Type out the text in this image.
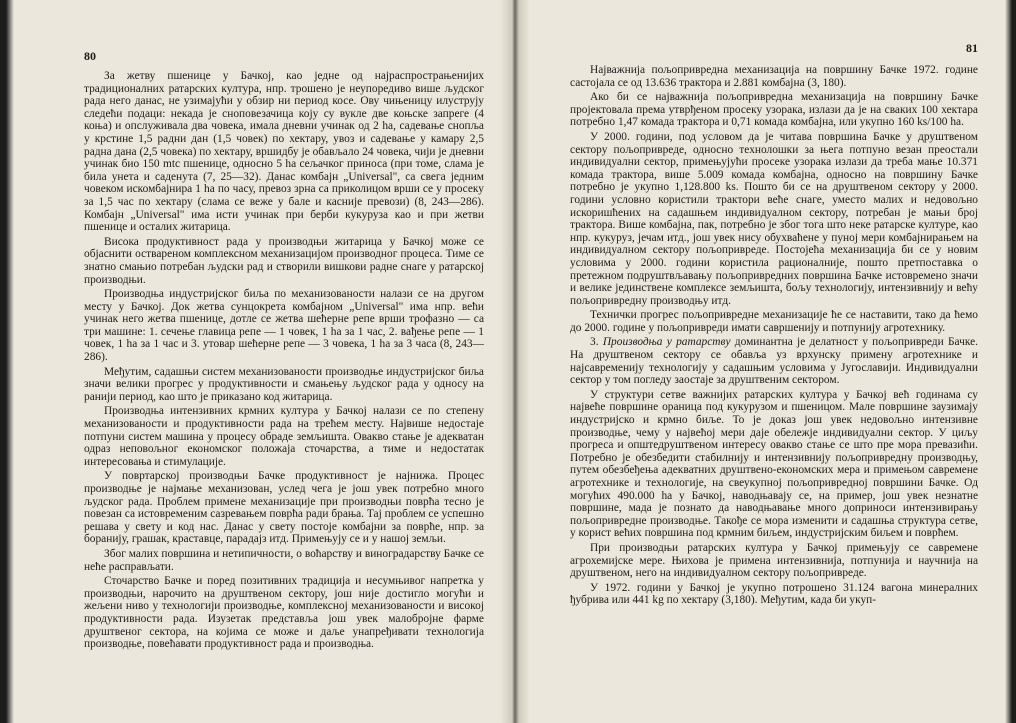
80

За жетву пшенице у Бачкој, као једне од најраспрострањенијих традиционалних ратарских култура, нпр. трошено је неупоредиво више људског рада него данас, не узимајући у обзир ни период косе. Ову чињеницу илуструју следећи подаци: некада је сноповезачица коју су вукле две коњске запреге (4 коња) и опслуживала два човека, имала дневни учинак од 2 ha, садевање снопља у крстине 1,5 радни дан (1,5 човек) по хектару, увоз и садевање у камару 2,5 радна дана (2,5 човека) по хектару, вршидбу је обављало 24 човека, чији је дневни учинак био 150 mtc пшенице, односно 5 ha сељачког приноса (при томе, слама је била унета и саденута (7, 25—32). Данас комбајн „Universal", са свега једним човеком искомбајнира 1 ha по часу, превоз зрна са приколицом врши се у просеку за 1,5 час по хектару (слама се веже у бале и касније превози) (8, 243—286). Комбајн „Universal" има исти учинак при берби кукуруза као и при жетви пшенице и осталих житарица.

Висока продуктивност рада у производњи житарица у Бачкој може се објаснити оствареном комплексном механизацијом производног процеса. Тиме се знатно смањио потребан људски рад и створили вишкови радне снаге у ратарској производњи.

Производња индустријског биља по механизованости налази се на другом месту у Бачкој. Док жетва сунцокрета комбајном „Universal" има нпр. већи учинак него жетва пшенице, дотле се жетва шећерне репе врши трофазно — са три машине: 1. сечење главица репе — 1 човек, 1 ha за 1 час, 2. вађење репе — 1 човек, 1 ha за 1 час и 3. утовар шећерне репе — 3 човека, 1 ha за 3 часа (8, 243—286).

Међутим, садашњи систем механизованости производње индустријског биља значи велики прогрес у продуктивности и смањењу људског рада у односу на ранији период, као што је приказано код житарица.

Производња интензивних крмних култура у Бачкој налази се по степену механизованости и продуктивности рада на трећем месту. Највише недостаје потпуни систем машина у процесу обраде земљишта. Овакво стање је адекватан одраз неповољног економског положаја сточарства, а тиме и недостатак интересовања и стимулације.

У повртарској производњи Бачке продуктивност је најнижа. Процес производње је најмање механизован, услед чега је још увек потребно много људског рада. Проблем примене механизације при производњи поврћа тесно је повезан са истовременим сазревањем поврћа ради брања. Тај проблем се успешно решава у свету и код нас. Данас у свету постоје комбајни за поврће, нпр. за боранију, грашак, краставце, парадајз итд. Примењују се и у нашој земљи.

Због малих површина и нетипичности, о воћарству и виноградарству Бачке се неће расправљати.

Сточарство Бачке и поред позитивних традиција и несумњивог напретка у производњи, нарочито на друштвеном сектору, још није достигло могући и жељени ниво у технологији производње, комплексној механизованости и високој продуктивности рада. Изузетак представља још увек малобројне фарме друштвеног сектора, на којима се може и даље унапређивати технологија производње, повећавати продуктивност рада и производња.

81

Најважнија пољопривредна механизација на површину Бачке 1972. године састојала се од 13.636 трактора и 2.881 комбајна (3, 180).

Ако би се најважнија пољопривредна механизација на површину Бачке пројектовала према утврђеном просеку узорака, излази да је на сваких 100 хектара потребно 1,47 комада трактора и 0,71 комада комбајна, или укупно 160 ks/100 ha.

У 2000. години, под условом да је читава површина Бачке у друштвеном сектору пољопривреде, односно технолошки за њега потпуно везан преостали индивидуални сектор, примењујући просеке узорака излази да треба мање 10.371 комада трактора, више 5.009 комада комбајна, односно на површину Бачке потребно је укупно 1,128.800 ks. Пошто би се на друштвеном сектору у 2000. години условно користили трактори веће снаге, уместо малих и недовољно искоришћених на садашњем индивидуалном сектору, потребан је мањи број трактора. Више комбајна, пак, потребно је због тога што неке ратарске културе, као нпр. кукуруз, јечам итд., још увек нису обухваћене у пуној мери комбајнирањем на индивидуалном сектору пољопривреде. Постојећа механизација би се у новим условима у 2000. години користила рационалније, пошто претпоставка о претежном подруштвљавању пољопривредних површина Бачке истовремено значи и велике јединствене комплексе земљишта, бољу технологију, интензивнију и већу пољопривредну производњу итд.

Технички прогрес пољопривредне механизације ће се наставити, тако да ћемо до 2000. године у пољопривреди имати савршенију и потпунију агротехнику.

3. Производња у ратарству доминантна је делатност у пољопривреди Бачке. На друштвеном сектору се обавља уз врхунску примену агротехнике и најсавременију технологију у садашњим условима у Југославији. Индивидуални сектор у том погледу заостаје за друштвеним сектором.

У структури сетве важнијих ратарских култура у Бачкој већ годинама су највеће површине ораница под кукурузом и пшеницом. Мале површине заузимају индустријско и крмно биље. То је доказ још увек недовољно интензивне производње, чему у највећој мери даје обележје индивидуални сектор. У циљу прогреса и општедруштвеном интересу овакво стање се што пре мора превазићи. Потребно је обезбедити стабилнију и интензивнију пољопривредну производњу, путем обезбеђења адекватних друштвено-економских мера и примењом савремене агротехнике и технологије, на свеукупној пољопривредној површини Бачке. Од могућих 490.000 ha у Бачкој, наводњавају се, на пример, још увек незнатне површине, мада је познато да наводњавање много доприноси интензивирању пољопривредне производње. Такође се мора изменити и садашња структура сетве, у корист већих површина под крмним биљем, индустријским биљем и поврћем.

При производњи ратарских култура у Бачкој примењују се савремене агрохемијске мере. Њихова је примена интензивнија, потпунија и научнија на друштвеном, него на индивидуалном сектору пољопривреде.

У 1972. години у Бачкој је укупно потрошено 31.124 вагона минералних ђубрива или 441 kg по хектару (3,180). Међутим, када би укуп-
